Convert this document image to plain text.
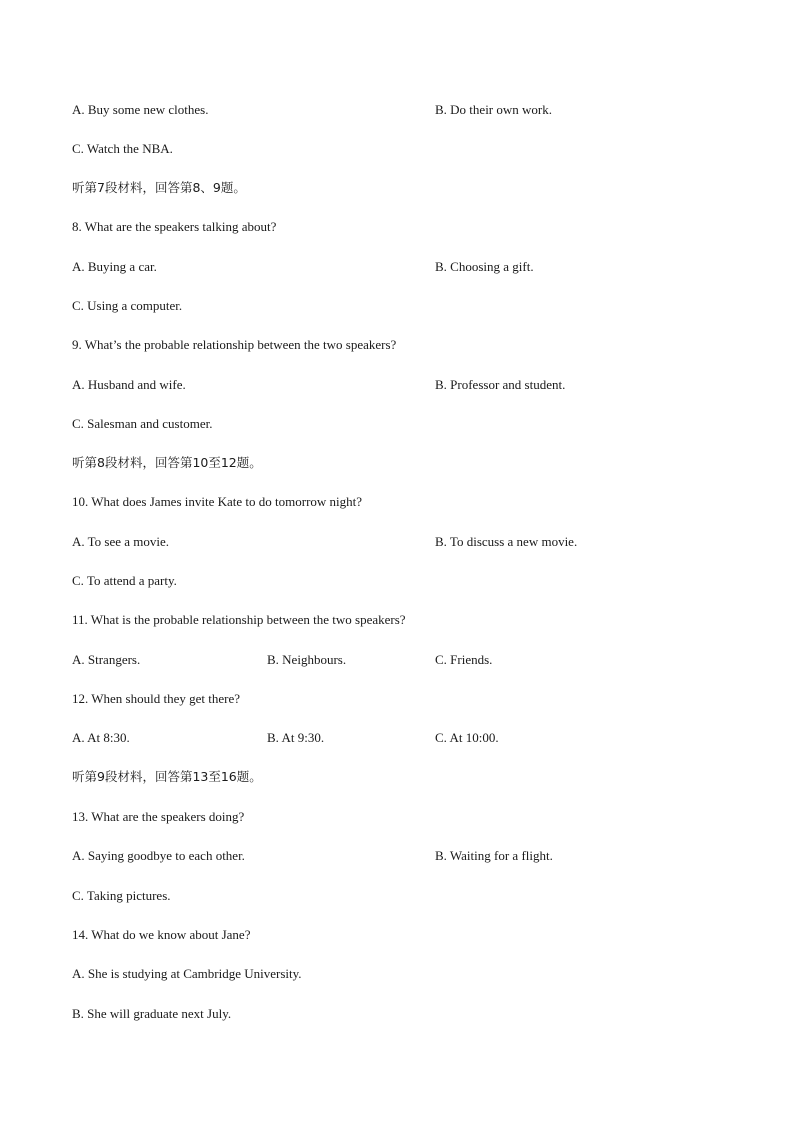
A. Buy some new clothes.	B. Do their own work.
C. Watch the NBA.
听第7段材料，回答第8、9题。
8. What are the speakers talking about?
A. Buying a car.	B. Choosing a gift.
C. Using a computer.
9. What’s the probable relationship between the two speakers?
A. Husband and wife.	B. Professor and student.
C. Salesman and customer.
听第8段材料，回答第10至12题。
10. What does James invite Kate to do tomorrow night?
A. To see a movie.	B. To discuss a new movie.
C. To attend a party.
11. What is the probable relationship between the two speakers?
A. Strangers.	B. Neighbours.	C. Friends.
12. When should they get there?
A. At 8:30.	B. At 9:30.	C. At 10:00.
听第9段材料，回答第13至16题。
13. What are the speakers doing?
A. Saying goodbye to each other.	B. Waiting for a flight.
C. Taking pictures.
14. What do we know about Jane?
A. She is studying at Cambridge University.
B. She will graduate next July.
